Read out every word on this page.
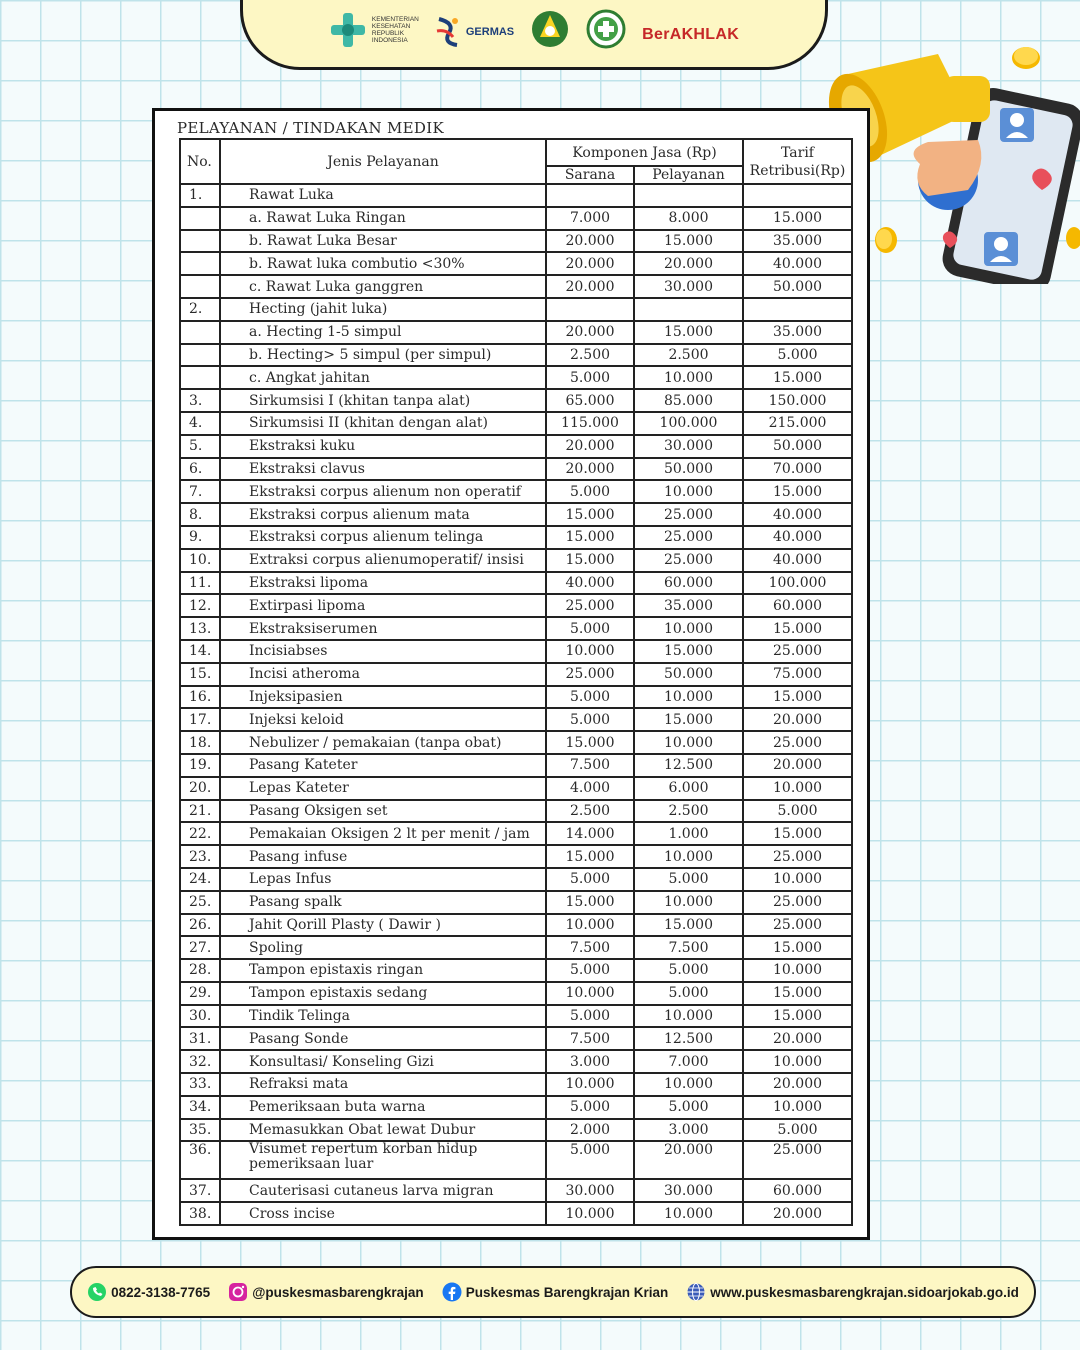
KEMENTERIAN
KESEHATAN
REPUBLIK
INDONESIA
GERMAS	BerAKHLAK
PELAYANAN / TINDAKAN MEDIK
No.	Jenis Pelayanan	Komponen Jasa (Rp)		Tarif Retribusi(Rp)
		Sarana	Pelayanan	
1.	Rawat Luka			
	a. Rawat Luka Ringan	7.000	8.000	15.000
	b. Rawat Luka Besar	20.000	15.000	35.000
	b. Rawat luka combutio <30%	20.000	20.000	40.000
	c. Rawat Luka ganggren	20.000	30.000	50.000
2.	Hecting (jahit luka)			
	a. Hecting 1-5 simpul	20.000	15.000	35.000
	b. Hecting> 5 simpul (per simpul)	2.500	2.500	5.000
	c. Angkat jahitan	5.000	10.000	15.000
3.	Sirkumsisi I (khitan tanpa alat)	65.000	85.000	150.000
4.	Sirkumsisi II (khitan dengan alat)	115.000	100.000	215.000
5.	Ekstraksi kuku	20.000	30.000	50.000
6.	Ekstraksi clavus	20.000	50.000	70.000
7.	Ekstraksi corpus alienum non operatif	5.000	10.000	15.000
8.	Ekstraksi corpus alienum mata	15.000	25.000	40.000
9.	Ekstraksi corpus alienum telinga	15.000	25.000	40.000
10.	Extraksi corpus alienumoperatif/ insisi	15.000	25.000	40.000
11.	Ekstraksi lipoma	40.000	60.000	100.000
12.	Extirpasi lipoma	25.000	35.000	60.000
13.	Ekstraksiserumen	5.000	10.000	15.000
14.	Incisiabses	10.000	15.000	25.000
15.	Incisi atheroma	25.000	50.000	75.000
16.	Injeksipasien	5.000	10.000	15.000
17.	Injeksi keloid	5.000	15.000	20.000
18.	Nebulizer / pemakaian (tanpa obat)	15.000	10.000	25.000
19.	Pasang Kateter	7.500	12.500	20.000
20.	Lepas Kateter	4.000	6.000	10.000
21.	Pasang Oksigen set	2.500	2.500	5.000
22.	Pemakaian Oksigen 2 lt per menit / jam	14.000	1.000	15.000
23.	Pasang infuse	15.000	10.000	25.000
24.	Lepas Infus	5.000	5.000	10.000
25.	Pasang spalk	15.000	10.000	25.000
26.	Jahit Qorill Plasty ( Dawir )	10.000	15.000	25.000
27.	Spoling	7.500	7.500	15.000
28.	Tampon epistaxis ringan	5.000	5.000	10.000
29.	Tampon epistaxis sedang	10.000	5.000	15.000
30.	Tindik Telinga	5.000	10.000	15.000
31.	Pasang Sonde	7.500	12.500	20.000
32.	Konsultasi/ Konseling Gizi	3.000	7.000	10.000
33.	Refraksi mata	10.000	10.000	20.000
34.	Pemeriksaan buta warna	5.000	5.000	10.000
35.	Memasukkan Obat lewat Dubur	2.000	3.000	5.000
36.	Visumet repertum korban hidup pemeriksaan luar	5.000	20.000	25.000
37.	Cauterisasi cutaneus larva migran	30.000	30.000	60.000
38.	Cross incise	10.000	10.000	20.000
0822-3138-7765	@puskesmasbarengkrajan	Puskesmas Barengkrajan Krian	www.puskesmasbarengkrajan.sidoarjokab.go.id
